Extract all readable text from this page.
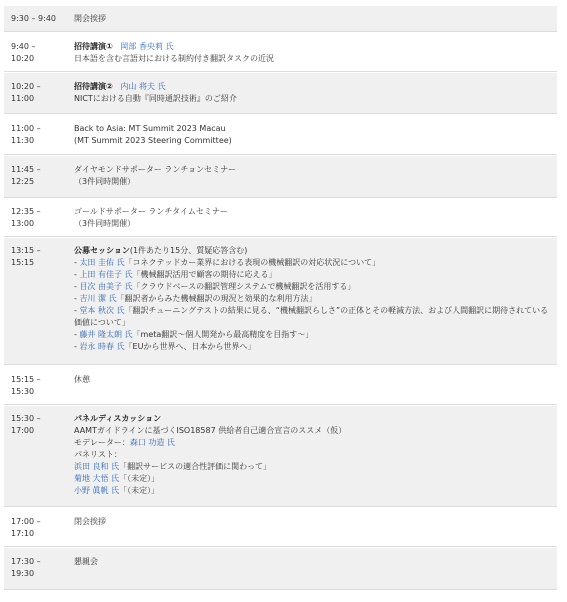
9:30 – 9:40 開会挨拶
9:40 –
10:20
招待講演① 岡部 香央莉 氏
日本語を含む言語対における制約付き翻訳タスクの近況
10:20 –
11:00
招待講演② 内山 将夫 氏
NICTにおける自動『同時通訳技術』のご紹介
11:00 –
11:30
Back to Asia: MT Summit 2023 Macau
(MT Summit 2023 Steering Committee)
11:45 –
12:25
ダイヤモンドサポーター ランチョンセミナー
（3件同時開催）
12:35 –
13:00
ゴールドサポーター ランチタイムセミナー
（3件同時開催）
13:15 –
15:15
公募セッション(1件あたり15分、質疑応答含む)
- 太田 圭佑 氏「コネクテッドカー業界における表現の機械翻訳の対応状況について」
- 上田 有佳子 氏「機械翻訳活用で顧客の期待に応える」
- 目次 由美子 氏「クラウドベースの翻訳管理システムで機械翻訳を活用する」
- 吉川 潔 氏「翻訳者からみた機械翻訳の現況と効果的な利用方法」
- 堂本 秋次 氏「翻訳チューニングテストの結果に見る、“機械翻訳らしさ”の正体とその軽減方法、および人間翻訳に期待されている価値について」
- 藤井 隆太朗 氏「meta翻訳〜個人開発から最高精度を目指す〜」
- 岩永 時春 氏「EUから世界へ、日本から世界へ」
15:15 –
15:30
休憩
15:30 –
17:00
パネルディスカッション
AAMTガイドラインに基づくISO18587 供給者自己適合宣言のススメ（仮）
モデレーター：森口 功造 氏
パネリスト：
浜田 良和 氏「翻訳サービスの適合性評価に関わって」
菊地 大悟 氏「（未定）」
小野 眞帆 氏「（未定）」
17:00 –
17:10
閉会挨拶
17:30 –
19:30
懇親会
